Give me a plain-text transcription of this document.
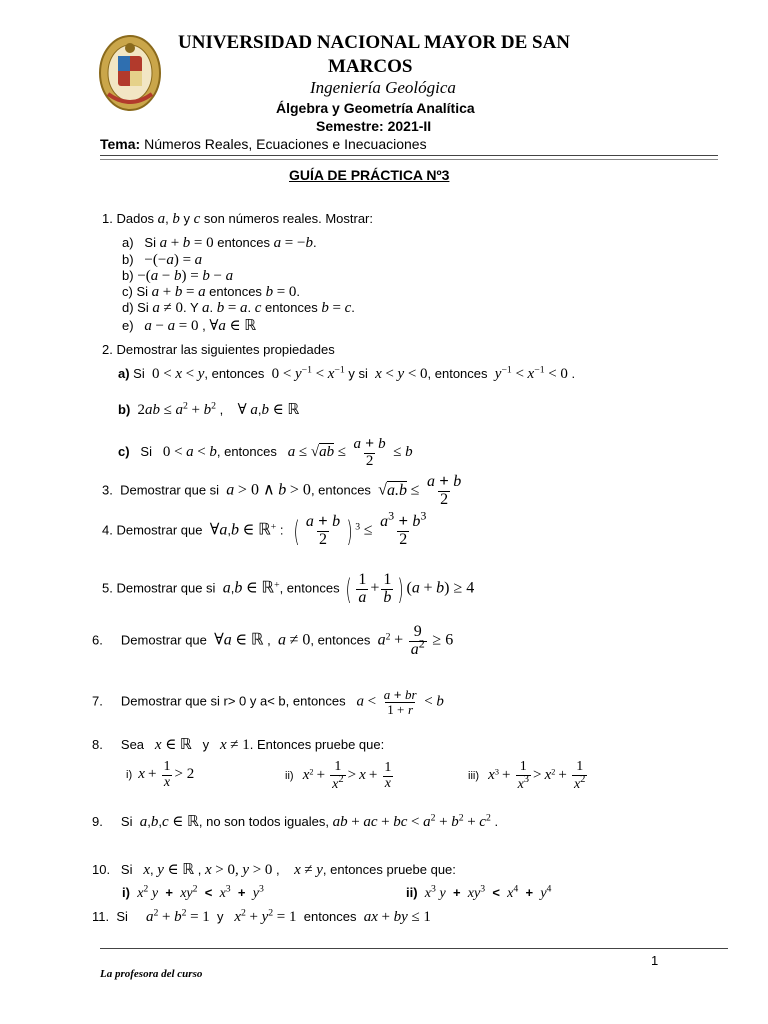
UNIVERSIDAD NACIONAL MAYOR DE SAN
MARCOS
Ingeniería Geológica
Álgebra y Geometría Analítica
Semestre: 2021-II
Tema: Números Reales, Ecuaciones e Inecuaciones
GUÍA DE PRÁCTICA Nº3
1. Dados a, b y c son números reales. Mostrar:
a) Si a + b = 0 entonces a = −b.
b) −(−a) = a
b) −(a − b) = b − a
c) Si a + b = a entonces b = 0.
d) Si a ≠ 0. Y a. b = a. c entonces b = c.
e) a − a = 0 , ∀a ∈ ℝ
2. Demostrar las siguientes propiedades
a) Si 0 < x < y, entonces $0 < y^{-1} < x^{-1}$ y si x < y < 0, entonces $y^{-1} < x^{-1} < 0$ .
b) $2ab \le a^2 + b^2$ ,    ∀ a,b ∈ ℝ
c) Si 0 < a < b, entonces $a \le √ab \le \frac{a + b}{2} \le b$
3. Demostrar que si a > 0 ∧ b > 0, entonces $√a.b \le \frac{a + b}{2}$
4. Demostrar que ∀a,b ∈ ℝ+ :  ( $\frac{a + b}{2}$ ) $^3 \le \frac{a^3 + b^3}{2}$
5. Demostrar que si a,b ∈ ℝ+, entonces ( $\frac{1}{a} + \frac{1}{b}$ ) (a + b) ≥ 4
6. Demostrar que ∀a ∈ ℝ ,  a ≠ 0, entonces $a^2 + \frac{9}{a^2} \ge 6$
7. Demostrar que si r> 0 y a< b, entonces $a < \frac{a + br}{1 + r} < b$
8. Sea x ∈ ℝ y x ≠ 1. Entonces pruebe que:
i) $x + \frac{1}{x} > 2$	ii) $x^2 + \frac{1}{x^2} > x + \frac{1}{x}$	iii) $x^3 + \frac{1}{x^3} > x^2 + \frac{1}{x^2}$
9. Si a,b,c ∈ ℝ, no son todos iguales, ab + ac + bc < $a^2 + b^2 + c^2$ .
10. Si x, y ∈ ℝ , x > 0, y > 0 ,    x ≠ y, entonces pruebe que:
i) $x^2$ $y + xy^2 < x^3 + y^3$	ii) $x^3$ $y + xy^3 < x^4 + y^4$
11. Si $a^2 + b^2 = 1$ y $x^2 + y^2 = 1$ entonces ax + by ≤ 1
1
La profesora del curso
